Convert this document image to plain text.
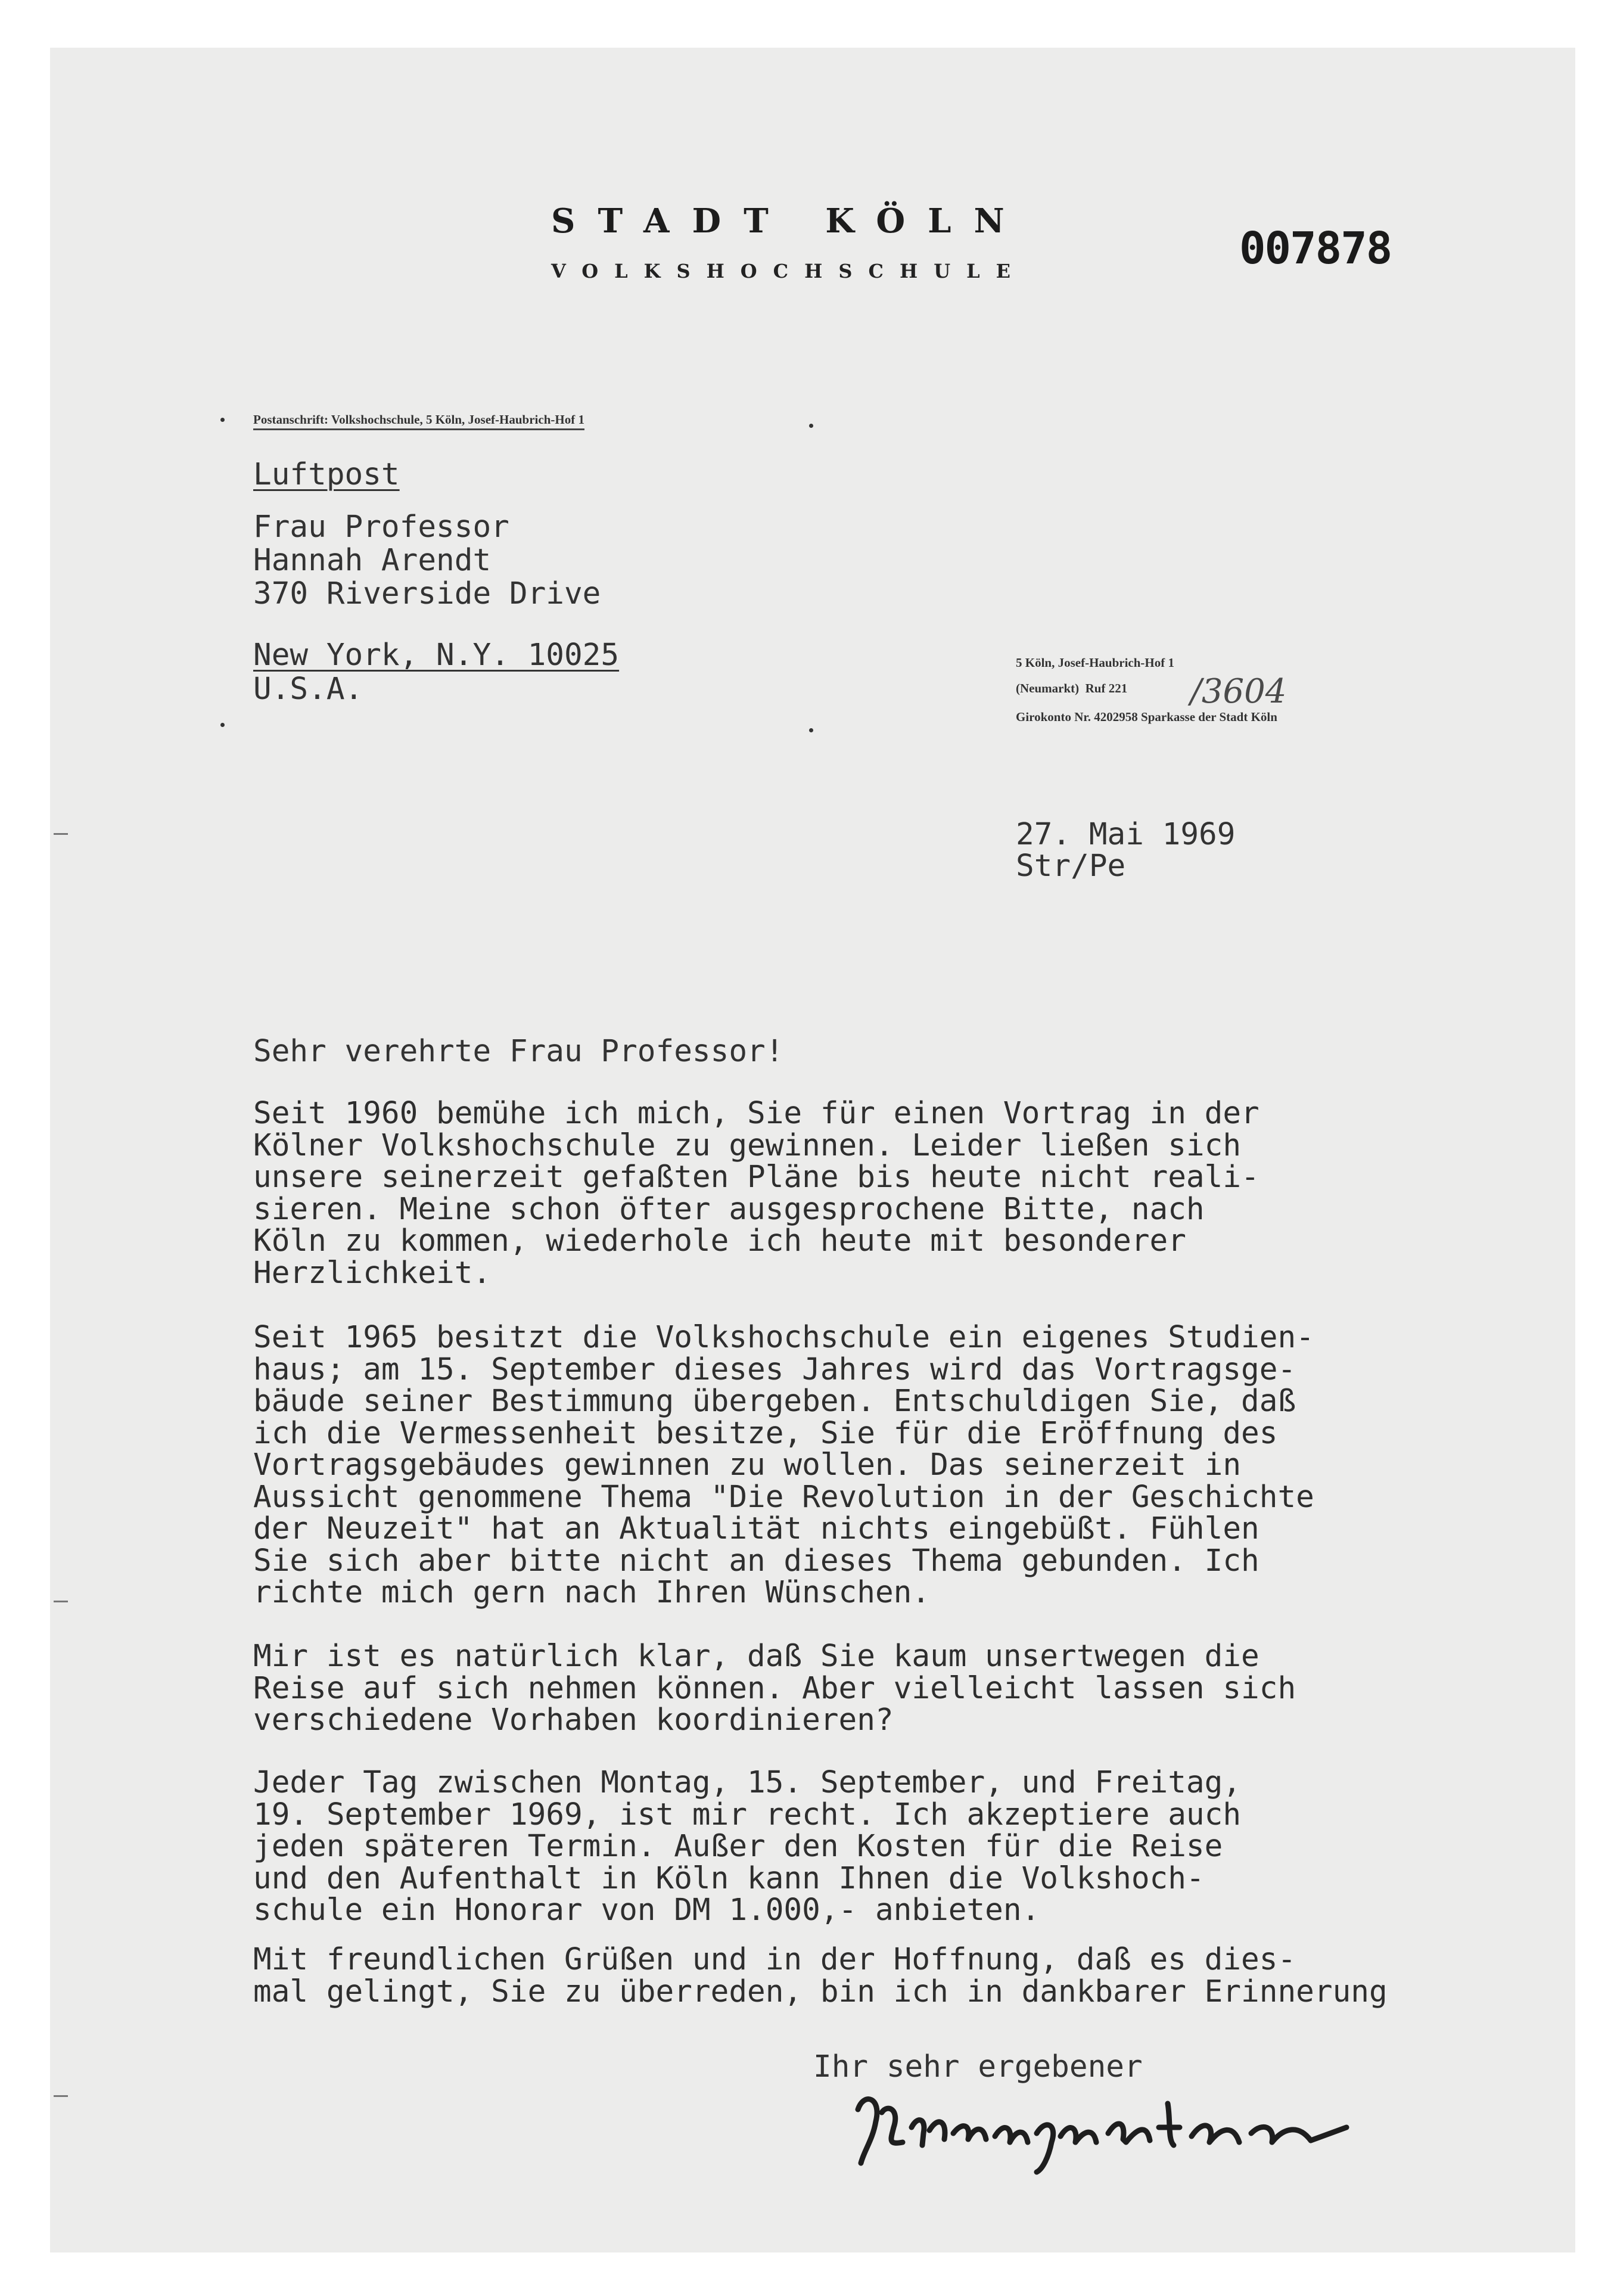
STADT KÖLN
VOLKSHOCHSCHULE	007878
Postanschrift: Volkshochschule, 5 Köln, Josef-Haubrich-Hof 1
Luftpost
Frau Professor
Hannah Arendt
370 Riverside Drive
New York, N.Y. 10025
U.S.A.
5 Köln, Josef-Haubrich-Hof 1
(Neumarkt)  Ruf 221 /3604
Girokonto Nr. 4202958 Sparkasse der Stadt Köln
27. Mai 1969
Str/Pe
Sehr verehrte Frau Professor!
Seit 1960 bemühe ich mich, Sie für einen Vortrag in der
Kölner Volkshochschule zu gewinnen. Leider ließen sich
unsere seinerzeit gefaßten Pläne bis heute nicht reali-
sieren. Meine schon öfter ausgesprochene Bitte, nach
Köln zu kommen, wiederhole ich heute mit besonderer
Herzlichkeit.
Seit 1965 besitzt die Volkshochschule ein eigenes Studien-
haus; am 15. September dieses Jahres wird das Vortragsge-
bäude seiner Bestimmung übergeben. Entschuldigen Sie, daß
ich die Vermessenheit besitze, Sie für die Eröffnung des
Vortragsgebäudes gewinnen zu wollen. Das seinerzeit in
Aussicht genommene Thema "Die Revolution in der Geschichte
der Neuzeit" hat an Aktualität nichts eingebüßt. Fühlen
Sie sich aber bitte nicht an dieses Thema gebunden. Ich
richte mich gern nach Ihren Wünschen.
Mir ist es natürlich klar, daß Sie kaum unsertwegen die
Reise auf sich nehmen können. Aber vielleicht lassen sich
verschiedene Vorhaben koordinieren?
Jeder Tag zwischen Montag, 15. September, und Freitag,
19. September 1969, ist mir recht. Ich akzeptiere auch
jeden späteren Termin. Außer den Kosten für die Reise
und den Aufenthalt in Köln kann Ihnen die Volkshoch-
schule ein Honorar von DM 1.000,- anbieten.
Mit freundlichen Grüßen und in der Hoffnung, daß es dies-
mal gelingt, Sie zu überreden, bin ich in dankbarer Erinnerung
Ihr sehr ergebener
